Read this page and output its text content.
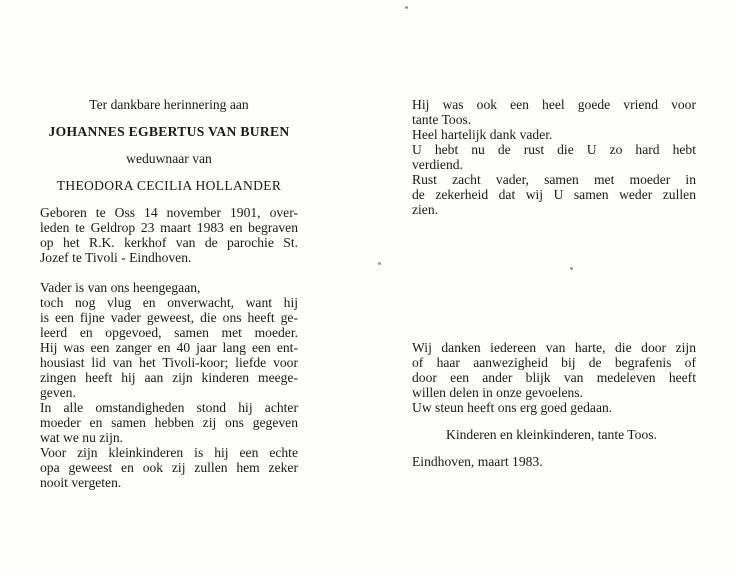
Ter dankbare herinnering aan
JOHANNES EGBERTUS VAN BUREN
weduwnaar van
THEODORA CECILIA HOLLANDER
Geboren te Oss 14 november 1901, over-
leden te Geldrop 23 maart 1983 en begraven
op het R.K. kerkhof van de parochie St.
Jozef te Tivoli - Eindhoven.
Vader is van ons heengegaan,
toch nog vlug en onverwacht, want hij
is een fijne vader geweest, die ons heeft ge-
leerd en opgevoed, samen met moeder.
Hij was een zanger en 40 jaar lang een ent-
housiast lid van het Tivoli-koor; liefde voor
zingen heeft hij aan zijn kinderen meege-
geven.
In alle omstandigheden stond hij achter
moeder en samen hebben zij ons gegeven
wat we nu zijn.
Voor zijn kleinkinderen is hij een echte
opa geweest en ook zij zullen hem zeker
nooit vergeten.
Hij was ook een heel goede vriend voor
tante Toos.
Heel hartelijk dank vader.
U hebt nu de rust die U zo hard hebt
verdiend.
Rust zacht vader, samen met moeder in
de zekerheid dat wij U samen weder zullen
zien.
Wij danken iedereen van harte, die door zijn
of haar aanwezigheid bij de begrafenis of
door een ander blijk van medeleven heeft
willen delen in onze gevoelens.
Uw steun heeft ons erg goed gedaan.
Kinderen en kleinkinderen, tante Toos.
Eindhoven, maart 1983.
